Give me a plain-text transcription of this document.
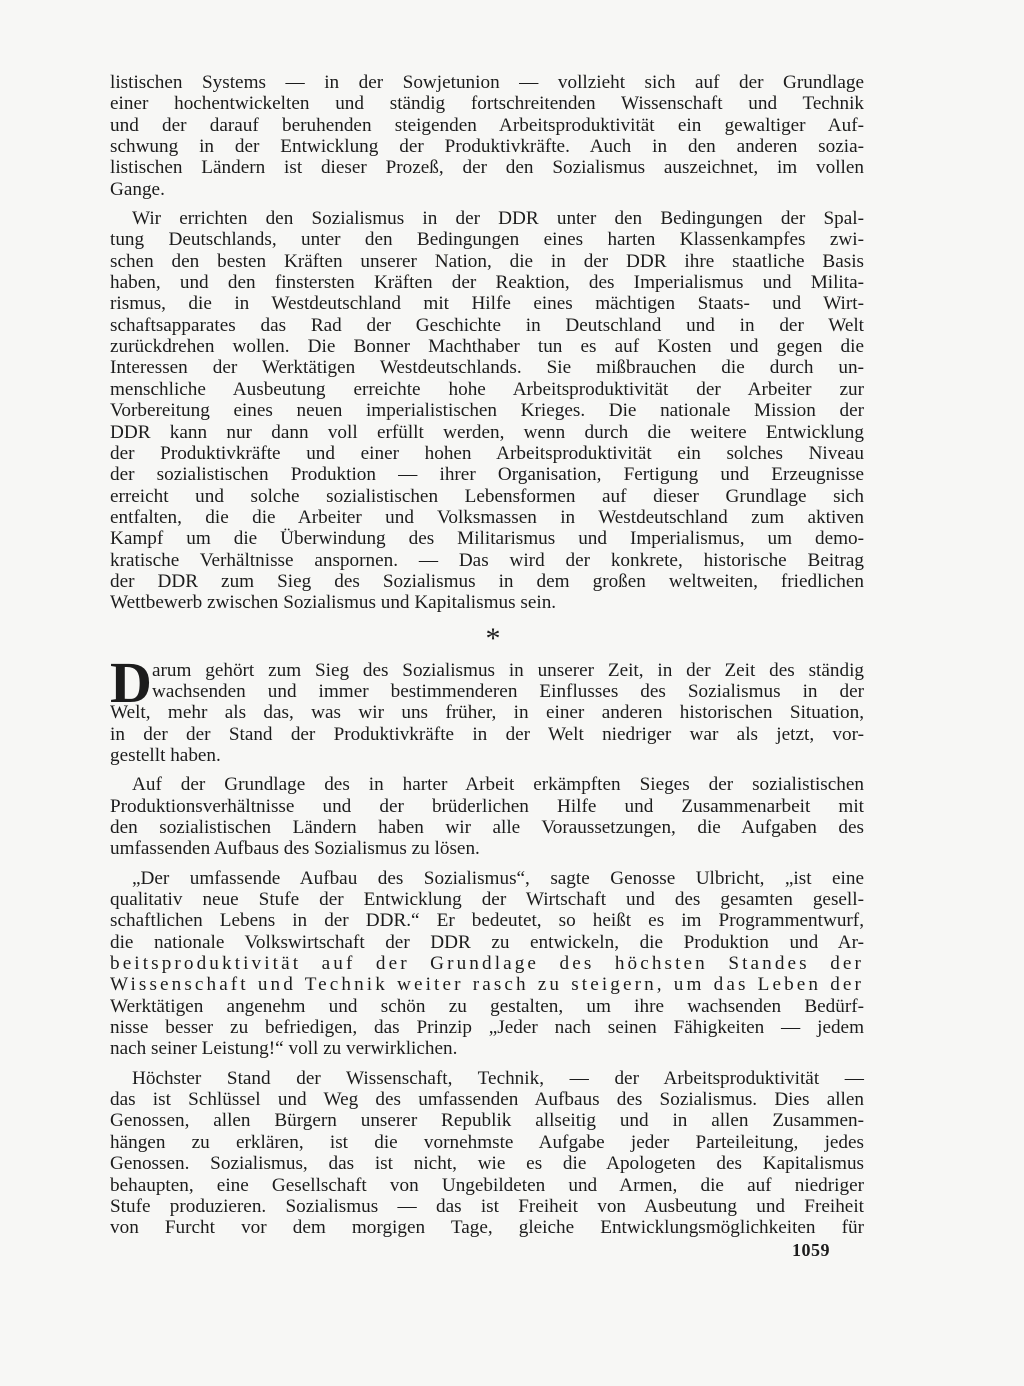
listischen Systems — in der Sowjetunion — vollzieht sich auf der Grundlage
einer hochentwickelten und ständig fortschreitenden Wissenschaft und Technik
und der darauf beruhenden steigenden Arbeitsproduktivität ein gewaltiger Auf-
schwung in der Entwicklung der Produktivkräfte. Auch in den anderen sozia-
listischen Ländern ist dieser Prozeß, der den Sozialismus auszeichnet, im vollen
Gange.
Wir errichten den Sozialismus in der DDR unter den Bedingungen der Spal-
tung Deutschlands, unter den Bedingungen eines harten Klassenkampfes zwi-
schen den besten Kräften unserer Nation, die in der DDR ihre staatliche Basis
haben, und den finstersten Kräften der Reaktion, des Imperialismus und Milita-
rismus, die in Westdeutschland mit Hilfe eines mächtigen Staats- und Wirt-
schaftsapparates das Rad der Geschichte in Deutschland und in der Welt
zurückdrehen wollen. Die Bonner Machthaber tun es auf Kosten und gegen die
Interessen der Werktätigen Westdeutschlands. Sie mißbrauchen die durch un-
menschliche Ausbeutung erreichte hohe Arbeitsproduktivität der Arbeiter zur
Vorbereitung eines neuen imperialistischen Krieges. Die nationale Mission der
DDR kann nur dann voll erfüllt werden, wenn durch die weitere Entwicklung
der Produktivkräfte und einer hohen Arbeitsproduktivität ein solches Niveau
der sozialistischen Produktion — ihrer Organisation, Fertigung und Erzeugnisse
erreicht und solche sozialistischen Lebensformen auf dieser Grundlage sich
entfalten, die die Arbeiter und Volksmassen in Westdeutschland zum aktiven
Kampf um die Überwindung des Militarismus und Imperialismus, um demo-
kratische Verhältnisse anspornen. — Das wird der konkrete, historische Beitrag
der DDR zum Sieg des Sozialismus in dem großen weltweiten, friedlichen
Wettbewerb zwischen Sozialismus und Kapitalismus sein.
*
D arum gehört zum Sieg des Sozialismus in unserer Zeit, in der Zeit des ständig
wachsenden und immer bestimmenderen Einflusses des Sozialismus in der
Welt, mehr als das, was wir uns früher, in einer anderen historischen Situation,
in der der Stand der Produktivkräfte in der Welt niedriger war als jetzt, vor-
gestellt haben.
Auf der Grundlage des in harter Arbeit erkämpften Sieges der sozialistischen
Produktionsverhältnisse und der brüderlichen Hilfe und Zusammenarbeit mit
den sozialistischen Ländern haben wir alle Voraussetzungen, die Aufgaben des
umfassenden Aufbaus des Sozialismus zu lösen.
„Der umfassende Aufbau des Sozialismus“, sagte Genosse Ulbricht, „ist eine
qualitativ neue Stufe der Entwicklung der Wirtschaft und des gesamten gesell-
schaftlichen Lebens in der DDR.“ Er bedeutet, so heißt es im Programmentwurf,
die nationale Volkswirtschaft der DDR zu entwickeln, die Produktion und Ar-
beitsproduktivität auf der Grundlage des höchsten Standes der
Wissenschaft und Technik weiter rasch zu steigern, um das Leben der
Werktätigen angenehm und schön zu gestalten, um ihre wachsenden Bedürf-
nisse besser zu befriedigen, das Prinzip „Jeder nach seinen Fähigkeiten — jedem
nach seiner Leistung!“ voll zu verwirklichen.
Höchster Stand der Wissenschaft, Technik, — der Arbeitsproduktivität —
das ist Schlüssel und Weg des umfassenden Aufbaus des Sozialismus. Dies allen
Genossen, allen Bürgern unserer Republik allseitig und in allen Zusammen-
hängen zu erklären, ist die vornehmste Aufgabe jeder Parteileitung, jedes
Genossen. Sozialismus, das ist nicht, wie es die Apologeten des Kapitalismus
behaupten, eine Gesellschaft von Ungebildeten und Armen, die auf niedriger
Stufe produzieren. Sozialismus — das ist Freiheit von Ausbeutung und Freiheit
von Furcht vor dem morgigen Tage, gleiche Entwicklungsmöglichkeiten für
1059
